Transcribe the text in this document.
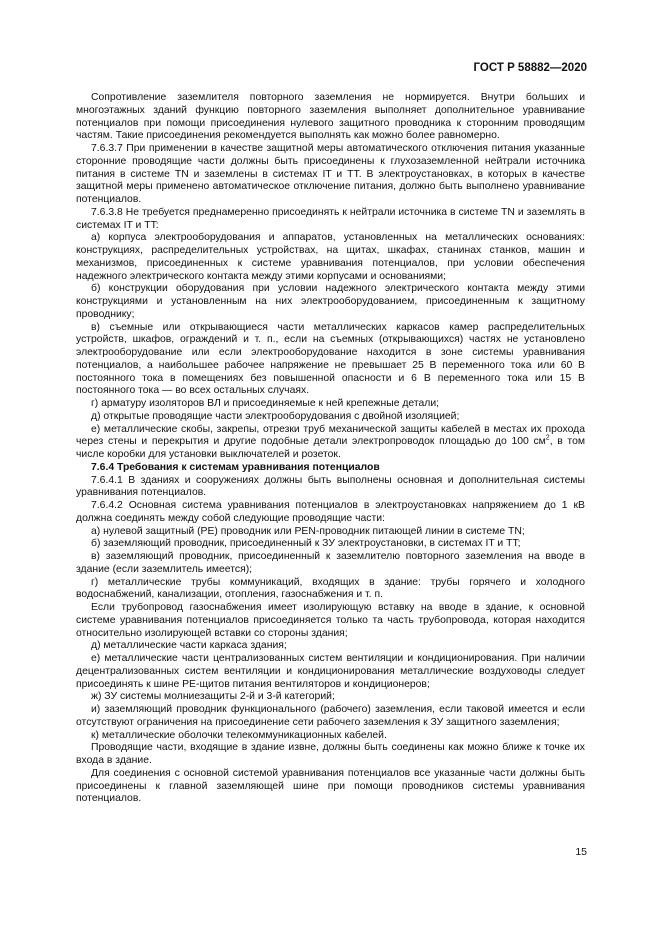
ГОСТ Р 58882—2020

Сопротивление заземлителя повторного заземления не нормируется. Внутри больших и многоэтажных зданий функцию повторного заземления выполняет дополнительное уравнивание потенциалов при помощи присоединения нулевого защитного проводника к сторонним проводящим частям. Такие присоединения рекомендуется выполнять как можно более равномерно.

7.6.3.7 При применении в качестве защитной меры автоматического отключения питания указанные сторонние проводящие части должны быть присоединены к глухозаземленной нейтрали источника питания в системе TN и заземлены в системах IT и TT. В электроустановках, в которых в качестве защитной меры применено автоматическое отключение питания, должно быть выполнено уравнивание потенциалов.

7.6.3.8 Не требуется преднамеренно присоединять к нейтрали источника в системе TN и заземлять в системах IT и TT:

а) корпуса электрооборудования и аппаратов, установленных на металлических основаниях: конструкциях, распределительных устройствах, на щитах, шкафах, станинах станков, машин и механизмов, присоединенных к системе уравнивания потенциалов, при условии обеспечения надежного электрического контакта между этими корпусами и основаниями;

б) конструкции оборудования при условии надежного электрического контакта между этими конструкциями и установленным на них электрооборудованием, присоединенным к защитному проводнику;

в) съемные или открывающиеся части металлических каркасов камер распределительных устройств, шкафов, ограждений и т. п., если на съемных (открывающихся) частях не установлено электрооборудование или если электрооборудование находится в зоне системы уравнивания потенциалов, а наибольшее рабочее напряжение не превышает 25 В переменного тока или 60 В постоянного тока в помещениях без повышенной опасности и 6 В переменного тока или 15 В постоянного тока — во всех остальных случаях.

г) арматуру изоляторов ВЛ и присоединяемые к ней крепежные детали;

д) открытые проводящие части электрооборудования с двойной изоляцией;

е) металлические скобы, закрепы, отрезки труб механической защиты кабелей в местах их прохода через стены и перекрытия и другие подобные детали электропроводок площадью до 100 $см^2$, в том числе коробки для установки выключателей и розеток.

7.6.4 Требования к системам уравнивания потенциалов

7.6.4.1 В зданиях и сооружениях должны быть выполнены основная и дополнительная системы уравнивания потенциалов.

7.6.4.2 Основная система уравнивания потенциалов в электроустановках напряжением до 1 кВ должна соединять между собой следующие проводящие части:

а) нулевой защитный (PE) проводник или PEN-проводник питающей линии в системе TN;

б) заземляющий проводник, присоединенный к ЗУ электроустановки, в системах IT и TT;

в) заземляющий проводник, присоединенный к заземлителю повторного заземления на вводе в здание (если заземлитель имеется);

г) металлические трубы коммуникаций, входящих в здание: трубы горячего и холодного водоснабжений, канализации, отопления, газоснабжения и т. п.

Если трубопровод газоснабжения имеет изолирующую вставку на вводе в здание, к основной системе уравнивания потенциалов присоединяется только та часть трубопровода, которая находится относительно изолирующей вставки со стороны здания;

д) металлические части каркаса здания;

е) металлические части централизованных систем вентиляции и кондиционирования. При наличии децентрализованных систем вентиляции и кондиционирования металлические воздуховоды следует присоединять к шине PE-щитов питания вентиляторов и кондиционеров;

ж) ЗУ системы молниезащиты 2-й и 3-й категорий;

и) заземляющий проводник функционального (рабочего) заземления, если таковой имеется и если отсутствуют ограничения на присоединение сети рабочего заземления к ЗУ защитного заземления;

к) металлические оболочки телекоммуникационных кабелей.

Проводящие части, входящие в здание извне, должны быть соединены как можно ближе к точке их входа в здание.

Для соединения с основной системой уравнивания потенциалов все указанные части должны быть присоединены к главной заземляющей шине при помощи проводников системы уравнивания потенциалов.

15
